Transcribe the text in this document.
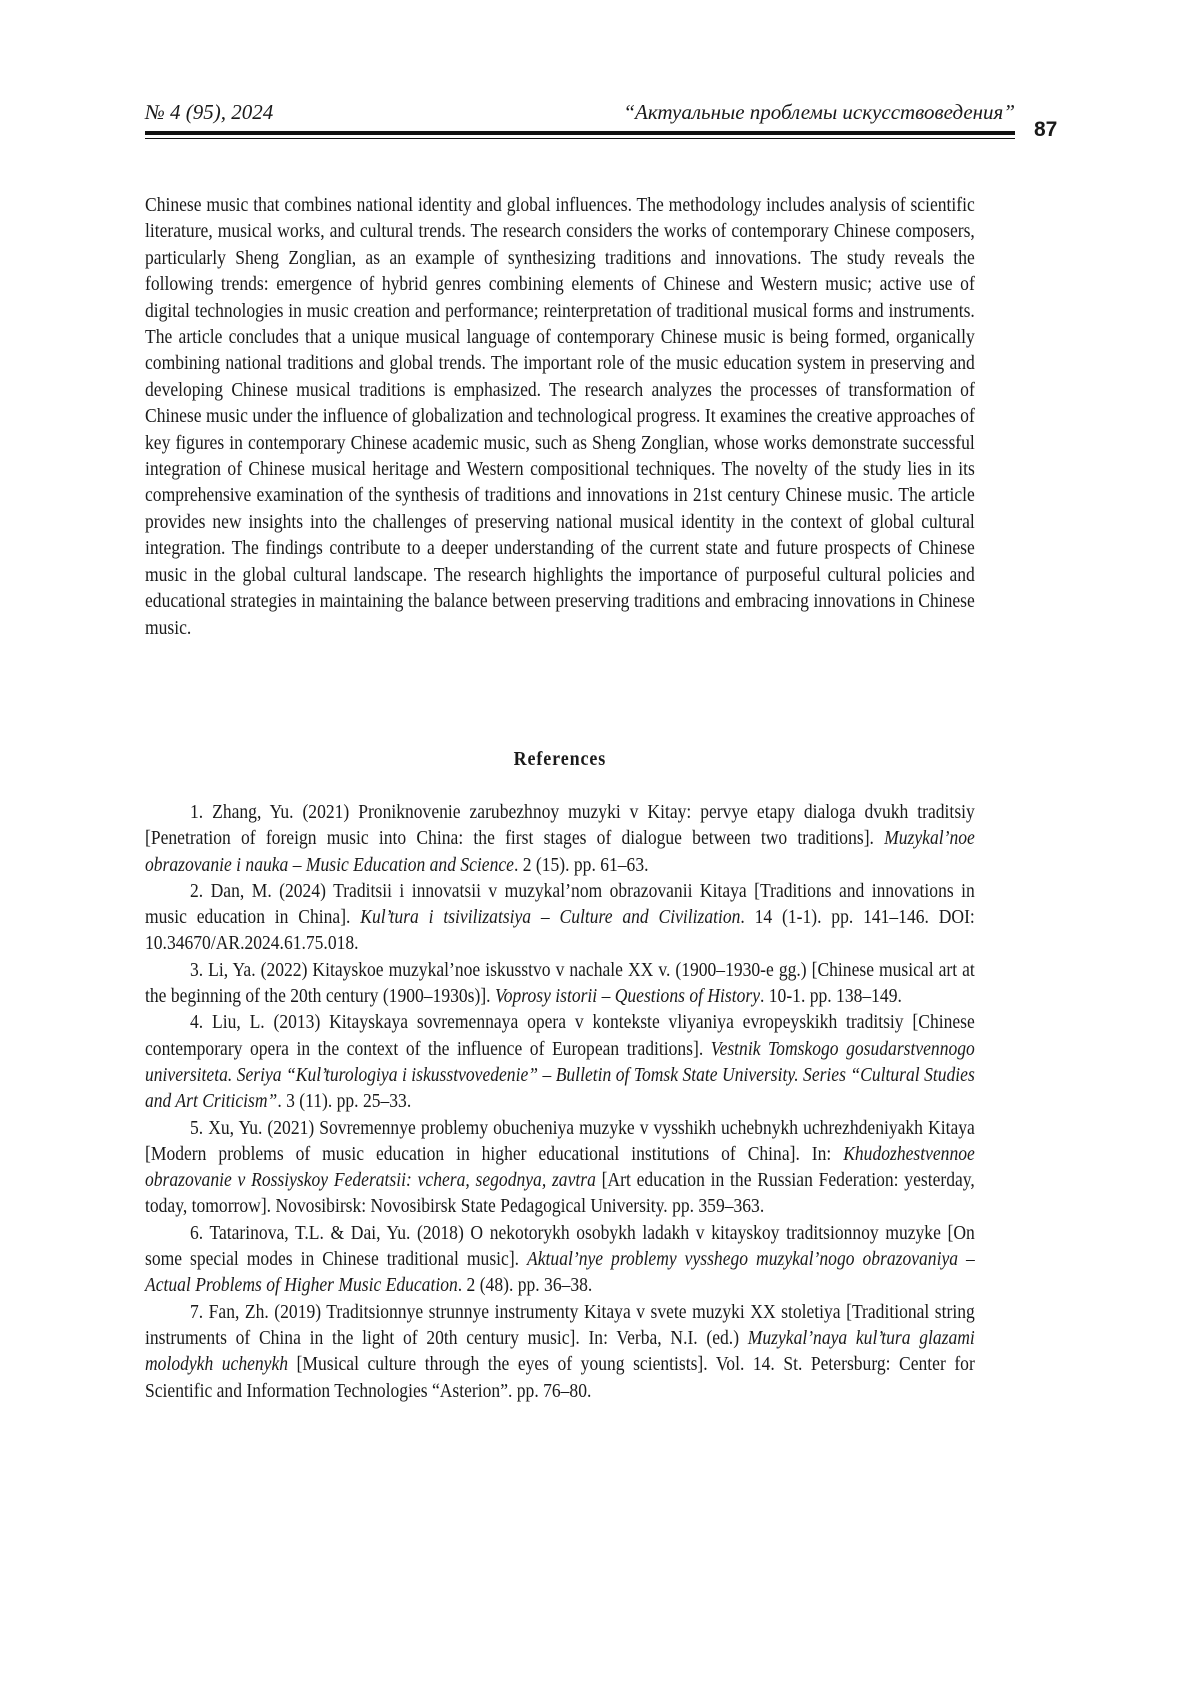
№ 4 (95), 2024	“Актуальные проблемы искусствоведения”
87

Chinese music that combines national identity and global influences. The methodology includes analysis of scientific literature, musical works, and cultural trends. The research considers the works of contemporary Chinese composers, particularly Sheng Zonglian, as an example of synthesizing traditions and innovations. The study reveals the following trends: emergence of hybrid genres combining elements of Chinese and Western music; active use of digital technologies in music creation and performance; reinterpretation of traditional musical forms and instruments. The article concludes that a unique musical language of contemporary Chinese music is being formed, organically combining national traditions and global trends. The important role of the music education system in preserving and developing Chinese musical traditions is emphasized. The research analyzes the processes of transformation of Chinese music under the influence of globalization and technological progress. It examines the creative approaches of key figures in contemporary Chinese academic music, such as Sheng Zonglian, whose works demonstrate successful integration of Chinese musical heritage and Western compositional techniques. The novelty of the study lies in its comprehensive examination of the synthesis of traditions and innovations in 21st century Chinese music. The article provides new insights into the challenges of preserving national musical identity in the context of global cultural integration. The findings contribute to a deeper understanding of the current state and future prospects of Chinese music in the global cultural landscape. The research highlights the importance of purposeful cultural policies and educational strategies in maintaining the balance between preserving traditions and embracing innovations in Chinese music.

References

1. Zhang, Yu. (2021) Proniknovenie zarubezhnoy muzyki v Kitay: pervye etapy dialoga dvukh traditsiy [Penetration of foreign music into China: the first stages of dialogue between two traditions]. Muzykal’noe obrazovanie i nauka – Music Education and Science. 2 (15). pp. 61–63.

2. Dan, M. (2024) Traditsii i innovatsii v muzykal’nom obrazovanii Kitaya [Traditions and innovations in music education in China]. Kul’tura i tsivilizatsiya – Culture and Civilization. 14 (1-1). pp. 141–146. DOI: 10.34670/AR.2024.61.75.018.

3. Li, Ya. (2022) Kitayskoe muzykal’noe iskusstvo v nachale XX v. (1900–1930-e gg.) [Chinese musical art at the beginning of the 20th century (1900–1930s)]. Voprosy istorii – Questions of History. 10-1. pp. 138–149.

4. Liu, L. (2013) Kitayskaya sovremennaya opera v kontekste vliyaniya evropeyskikh traditsiy [Chinese contemporary opera in the context of the influence of European traditions]. Vestnik Tomskogo gosudarstvennogo universiteta. Seriya “Kul’turologiya i iskusstvovedenie” – Bulletin of Tomsk State University. Series “Cultural Studies and Art Criticism”. 3 (11). pp. 25–33.

5. Xu, Yu. (2021) Sovremennye problemy obucheniya muzyke v vysshikh uchebnykh uchrezhdeniyakh Kitaya [Modern problems of music education in higher educational institutions of China]. In: Khudozhestvennoe obrazovanie v Rossiyskoy Federatsii: vchera, segodnya, zavtra [Art education in the Russian Federation: yesterday, today, tomorrow]. Novosibirsk: Novosibirsk State Pedagogical University. pp. 359–363.

6. Tatarinova, T.L. & Dai, Yu. (2018) O nekotorykh osobykh ladakh v kitayskoy traditsionnoy muzyke [On some special modes in Chinese traditional music]. Aktual’nye problemy vysshego muzykal’nogo obrazovaniya – Actual Problems of Higher Music Education. 2 (48). pp. 36–38.

7. Fan, Zh. (2019) Traditsionnye strunnye instrumenty Kitaya v svete muzyki XX stoletiya [Traditional string instruments of China in the light of 20th century music]. In: Verba, N.I. (ed.) Muzykal’naya kul’tura glazami molodykh uchenykh [Musical culture through the eyes of young scientists]. Vol. 14. St. Petersburg: Center for Scientific and Information Technologies “Asterion”. pp. 76–80.
